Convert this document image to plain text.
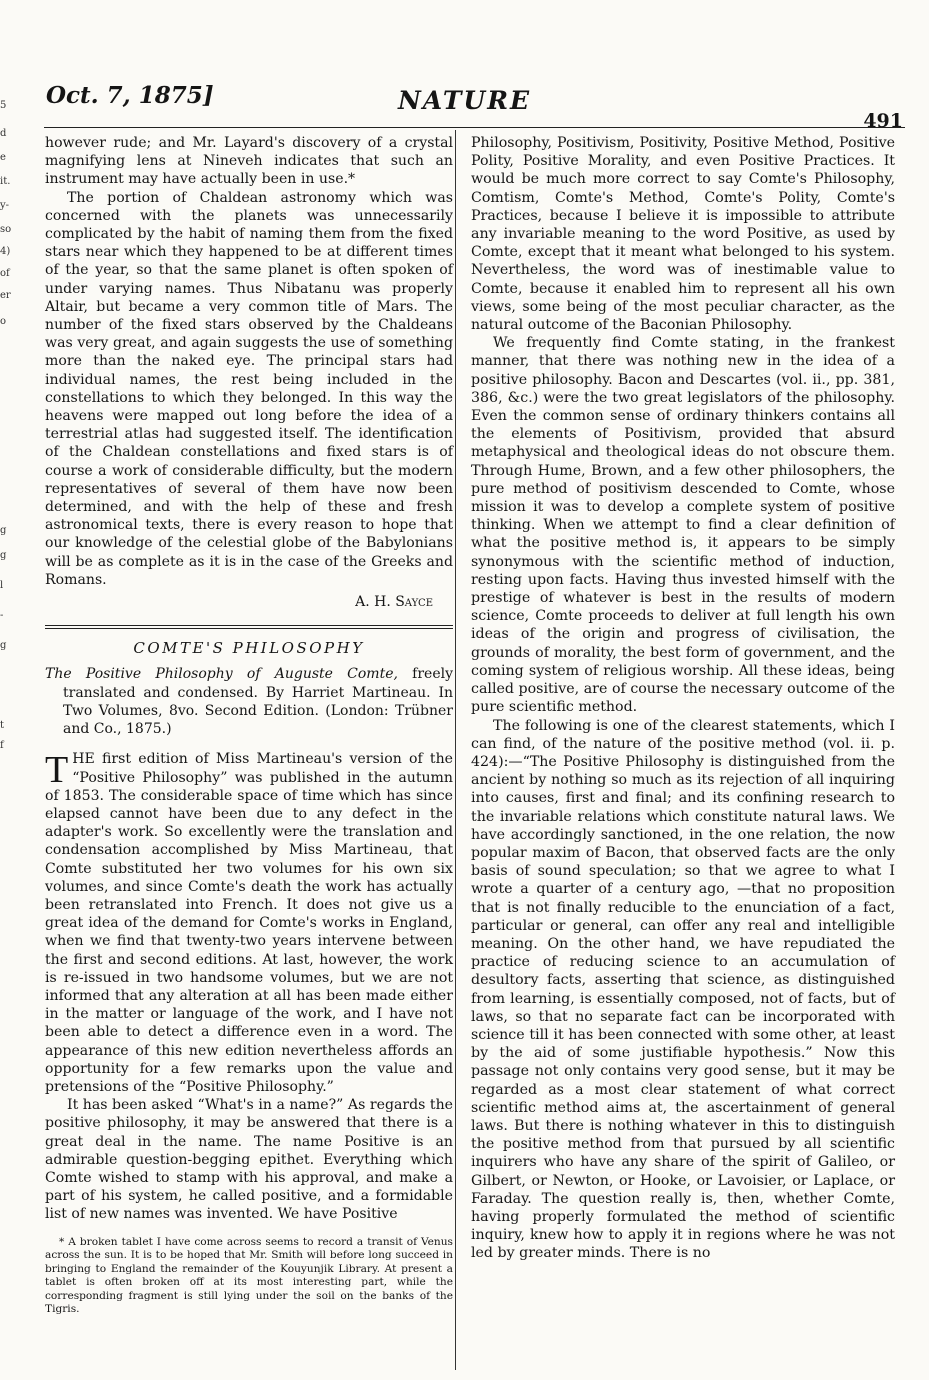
5
d
e
it.
y-
so
4)
of
er
o
g
g
l
-
g
t
f
Oct. 7, 1875]	NATURE
491

however rude; and Mr. Layard's discovery of a crystal magnifying lens at Nineveh indicates that such an instrument may have actually been in use.*

The portion of Chaldean astronomy which was concerned with the planets was unnecessarily complicated by the habit of naming them from the fixed stars near which they happened to be at different times of the year, so that the same planet is often spoken of under varying names. Thus Nibatanu was properly Altair, but became a very common title of Mars. The number of the fixed stars observed by the Chaldeans was very great, and again suggests the use of something more than the naked eye. The principal stars had individual names, the rest being included in the constellations to which they belonged. In this way the heavens were mapped out long before the idea of a terrestrial atlas had suggested itself. The identification of the Chaldean constellations and fixed stars is of course a work of considerable difficulty, but the modern representatives of several of them have now been determined, and with the help of these and fresh astronomical texts, there is every reason to hope that our knowledge of the celestial globe of the Babylonians will be as complete as it is in the case of the Greeks and Romans.

A. H. Sayce
COMTE'S PHILOSOPHY
The Positive Philosophy of Auguste Comte, freely translated and condensed. By Harriet Martineau. In Two Volumes, 8vo. Second Edition. (London: Trübner and Co., 1875.)

THE first edition of Miss Martineau's version of the “Positive Philosophy” was published in the autumn of 1853. The considerable space of time which has since elapsed cannot have been due to any defect in the adapter's work. So excellently were the translation and condensation accomplished by Miss Martineau, that Comte substituted her two volumes for his own six volumes, and since Comte's death the work has actually been retranslated into French. It does not give us a great idea of the demand for Comte's works in England, when we find that twenty-two years intervene between the first and second editions. At last, however, the work is re-issued in two handsome volumes, but we are not informed that any alteration at all has been made either in the matter or language of the work, and I have not been able to detect a difference even in a word. The appearance of this new edition nevertheless affords an opportunity for a few remarks upon the value and pretensions of the “Positive Philosophy.”

It has been asked “What's in a name?” As regards the positive philosophy, it may be answered that there is a great deal in the name. The name Positive is an admirable question-begging epithet. Everything which Comte wished to stamp with his approval, and make a part of his system, he called positive, and a formidable list of new names was invented. We have Positive

* A broken tablet I have come across seems to record a transit of Venus across the sun. It is to be hoped that Mr. Smith will before long succeed in bringing to England the remainder of the Kouyunjik Library. At present a tablet is often broken off at its most interesting part, while the corresponding fragment is still lying under the soil on the banks of the Tigris.

Philosophy, Positivism, Positivity, Positive Method, Positive Polity, Positive Morality, and even Positive Practices. It would be much more correct to say Comte's Philosophy, Comtism, Comte's Method, Comte's Polity, Comte's Practices, because I believe it is impossible to attribute any invariable meaning to the word Positive, as used by Comte, except that it meant what belonged to his system. Nevertheless, the word was of inestimable value to Comte, because it enabled him to represent all his own views, some being of the most peculiar character, as the natural outcome of the Baconian Philosophy.

We frequently find Comte stating, in the frankest manner, that there was nothing new in the idea of a positive philosophy. Bacon and Descartes (vol. ii., pp. 381, 386, &c.) were the two great legislators of the philosophy. Even the common sense of ordinary thinkers contains all the elements of Positivism, provided that absurd metaphysical and theological ideas do not obscure them. Through Hume, Brown, and a few other philosophers, the pure method of positivism descended to Comte, whose mission it was to develop a complete system of positive thinking. When we attempt to find a clear definition of what the positive method is, it appears to be simply synonymous with the scientific method of induction, resting upon facts. Having thus invested himself with the prestige of whatever is best in the results of modern science, Comte proceeds to deliver at full length his own ideas of the origin and progress of civilisation, the grounds of morality, the best form of government, and the coming system of religious worship. All these ideas, being called positive, are of course the necessary outcome of the pure scientific method.

The following is one of the clearest statements, which I can find, of the nature of the positive method (vol. ii. p. 424):—“The Positive Philosophy is distinguished from the ancient by nothing so much as its rejection of all inquiring into causes, first and final; and its confining research to the invariable relations which constitute natural laws. We have accordingly sanctioned, in the one relation, the now popular maxim of Bacon, that observed facts are the only basis of sound speculation; so that we agree to what I wrote a quarter of a century ago, —that no proposition that is not finally reducible to the enunciation of a fact, particular or general, can offer any real and intelligible meaning. On the other hand, we have repudiated the practice of reducing science to an accumulation of desultory facts, asserting that science, as distinguished from learning, is essentially composed, not of facts, but of laws, so that no separate fact can be incorporated with science till it has been connected with some other, at least by the aid of some justifiable hypothesis.” Now this passage not only contains very good sense, but it may be regarded as a most clear statement of what correct scientific method aims at, the ascertainment of general laws. But there is nothing whatever in this to distinguish the positive method from that pursued by all scientific inquirers who have any share of the spirit of Galileo, or Gilbert, or Newton, or Hooke, or Lavoisier, or Laplace, or Faraday. The question really is, then, whether Comte, having properly formulated the method of scientific inquiry, knew how to apply it in regions where he was not led by greater minds. There is no
